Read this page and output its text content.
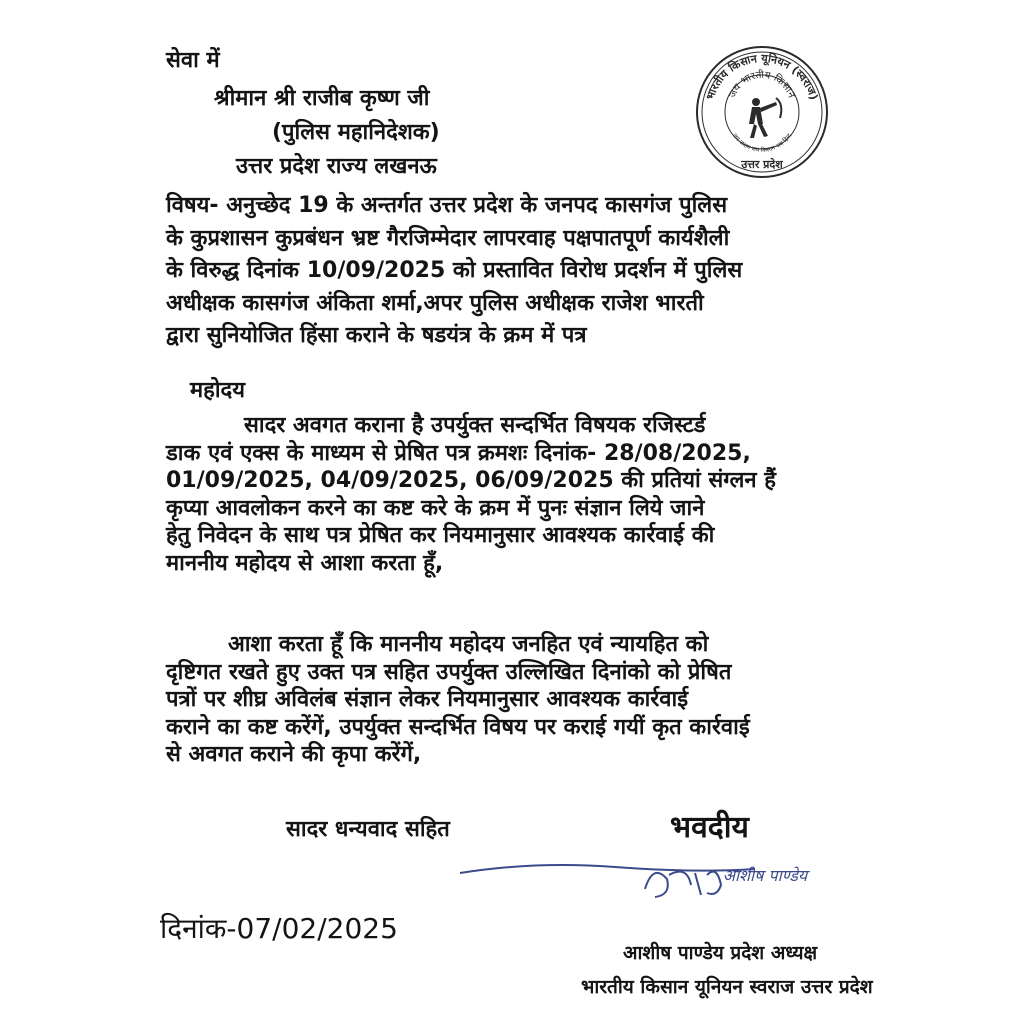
सेवा में
श्रीमान श्री राजीब कृष्ण जी
(पुलिस महानिदेशक)
उत्तर प्रदेश राज्य लखनऊ
भारतीय किसान यूनियन (स्वराज)
जय भारतीय किसान
जय जवान जय किसान जय हिन्द
उत्तर प्रदेश
विषय- अनुच्छेद 19 के अन्तर्गत उत्तर प्रदेश के जनपद कासगंज पुलिस
के कुप्रशासन कुप्रबंधन भ्रष्ट गैरजिम्मेदार लापरवाह पक्षपातपूर्ण कार्यशैली
के विरुद्ध दिनांक 10/09/2025 को प्रस्तावित विरोध प्रदर्शन में पुलिस
अधीक्षक कासगंज अंकिता शर्मा,अपर पुलिस अधीक्षक राजेश भारती
द्वारा सुनियोजित हिंसा कराने के षडयंत्र के क्रम में पत्र
महोदय
सादर अवगत कराना है उपर्युक्त सन्दर्भित विषयक रजिस्टर्ड
डाक एवं एक्स के माध्यम से प्रेषित पत्र क्रमशः दिनांक- 28/08/2025,
01/09/2025, 04/09/2025, 06/09/2025 की प्रतियां संग्लन हैं
कृप्या आवलोकन करने का कष्ट करे के क्रम में पुनः संज्ञान लिये जाने
हेतु निवेदन के साथ पत्र प्रेषित कर नियमानुसार आवश्यक कार्रवाई की
माननीय महोदय से आशा करता हूँ,
आशा करता हूँ कि माननीय महोदय जनहित एवं न्यायहित को
दृष्टिगत रखते हुए उक्त पत्र सहित उपर्युक्त उल्लिखित दिनांको को प्रेषित
पत्रों पर शीघ्र अविलंब संज्ञान लेकर नियमानुसार आवश्यक कार्रवाई
कराने का कष्ट करेंगें, उपर्युक्त सन्दर्भित विषय पर कराई गयीं कृत कार्रवाई
से अवगत कराने की कृपा करेंगें,
सादर धन्यवाद सहित	भवदीय
आशीष पाण्डेय
दिनांक-07/02/2025
आशीष पाण्डेय प्रदेश अध्यक्ष
भारतीय किसान यूनियन स्वराज उत्तर प्रदेश
